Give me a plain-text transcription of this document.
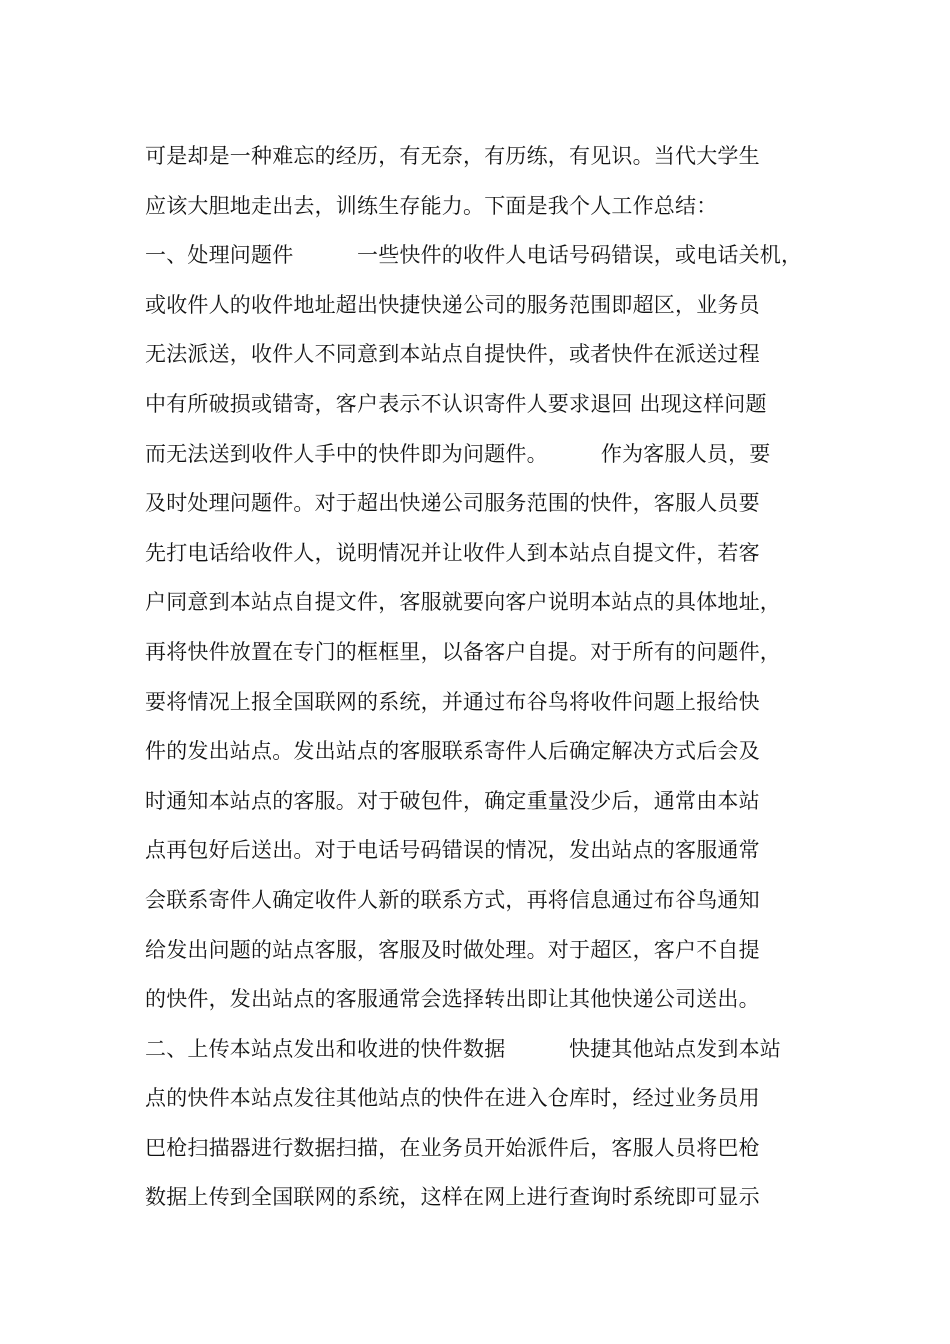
可是却是一种难忘的经历，有无奈，有历练，有见识。当代大学生
应该大胆地走出去，训练生存能力。下面是我个人工作总结：
一、处理问题件　　　一些快件的收件人电话号码错误，或电话关机，
或收件人的收件地址超出快捷快递公司的服务范围即超区，业务员
无法派送，收件人不同意到本站点自提快件，或者快件在派送过程
中有所破损或错寄，客户表示不认识寄件人要求退回 出现这样问题
而无法送到收件人手中的快件即为问题件。　　　作为客服人员，要
及时处理问题件。对于超出快递公司服务范围的快件，客服人员要
先打电话给收件人，说明情况并让收件人到本站点自提文件，若客
户同意到本站点自提文件，客服就要向客户说明本站点的具体地址，
再将快件放置在专门的框框里，以备客户自提。对于所有的问题件，
要将情况上报全国联网的系统，并通过布谷鸟将收件问题上报给快
件的发出站点。发出站点的客服联系寄件人后确定解决方式后会及
时通知本站点的客服。对于破包件，确定重量没少后，通常由本站
点再包好后送出。对于电话号码错误的情况，发出站点的客服通常
会联系寄件人确定收件人新的联系方式，再将信息通过布谷鸟通知
给发出问题的站点客服，客服及时做处理。对于超区，客户不自提
的快件，发出站点的客服通常会选择转出即让其他快递公司送出。
二、上传本站点发出和收进的快件数据　　　快捷其他站点发到本站
点的快件本站点发往其他站点的快件在进入仓库时，经过业务员用
巴枪扫描器进行数据扫描，在业务员开始派件后，客服人员将巴枪
数据上传到全国联网的系统，这样在网上进行查询时系统即可显示
